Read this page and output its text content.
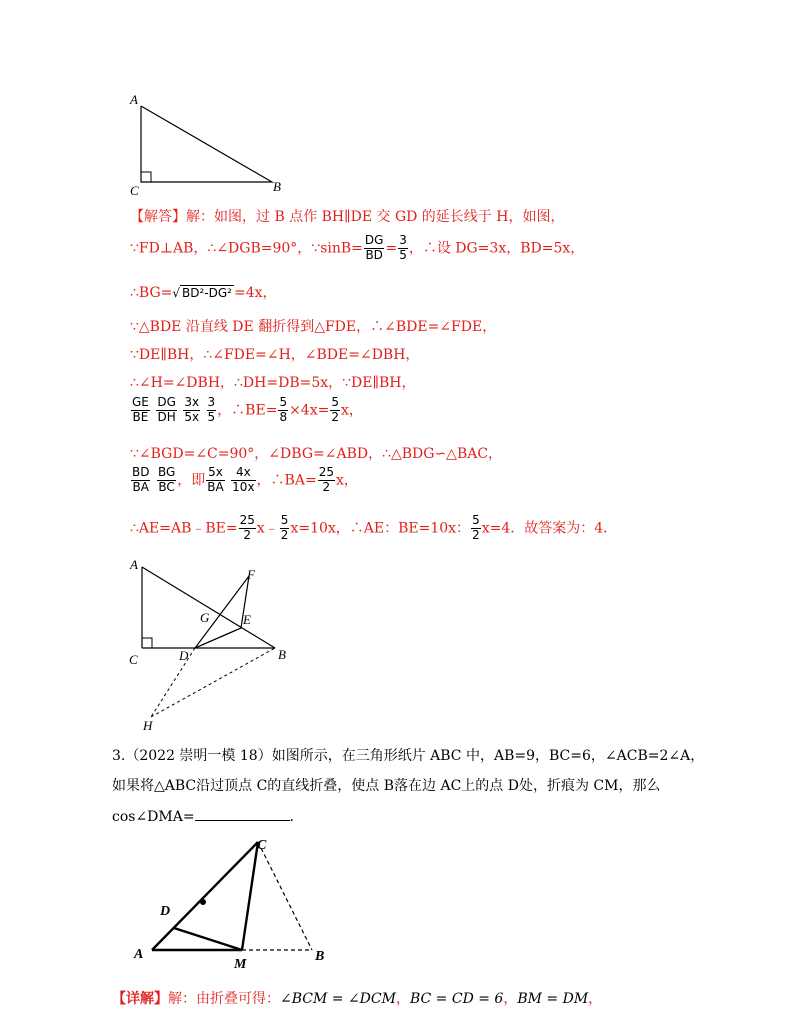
A
C	B
【解答】解：如图，过 B 点作 BH∥DE 交 GD 的延长线于 H，如图，
∵FD⊥AB，∴∠DGB=90°，∵sinB= $\frac{DG}{BD} = \frac{3}{5}$ ，∴设 DG=3x，BD=5x，
∴BG=√ BD²-DG² =4x，
∵△BDE 沿直线 DE 翻折得到△FDE，∴∠BDE=∠FDE，
∵DE∥BH，∴∠FDE=∠H，∠BDE=∠DBH，
∴∠H=∠DBH，∴DH=DB=5x，∵DE∥BH，
$\frac{GE}{BE}$
$\frac{DG}{DH}$
$\frac{3x}{5x}$
$\frac{3}{5}$ ，∴BE= $\frac{5}{8} \times 4x= \frac{5}{2}$ x，
∵∠BGD=∠C=90°，∠DBG=∠ABD，∴△BDG∽△BAC，
$\frac{BD}{BA}$
$\frac{BG}{BC}$ ，即 $\frac{5x}{BA}$
$\frac{4x}{10x}$ ，∴BA= $\frac{25}{2}$ x，
∴AE=AB﹣BE= $\frac{25}{2}$ x﹣ $\frac{5}{2} x=10x$，∴AE：BE=10x： $\frac{5}{2} x=4$．故答案为：4．
A
F
G	E
C	D	B
H
3.（2022 崇明一模 18）如图所示，在三角形纸片 ABC 中，AB=9，BC=6，∠ACB=2∠A，
如果将△ABC沿过顶点 C的直线折叠，使点 B落在边 AC上的点 D处，折痕为 CM，那么
cos∠DMA=	．
C
D
A
M
B
【详解】解：由折叠可得：∠BCM = ∠DCM，BC = CD = 6，BM = DM，
